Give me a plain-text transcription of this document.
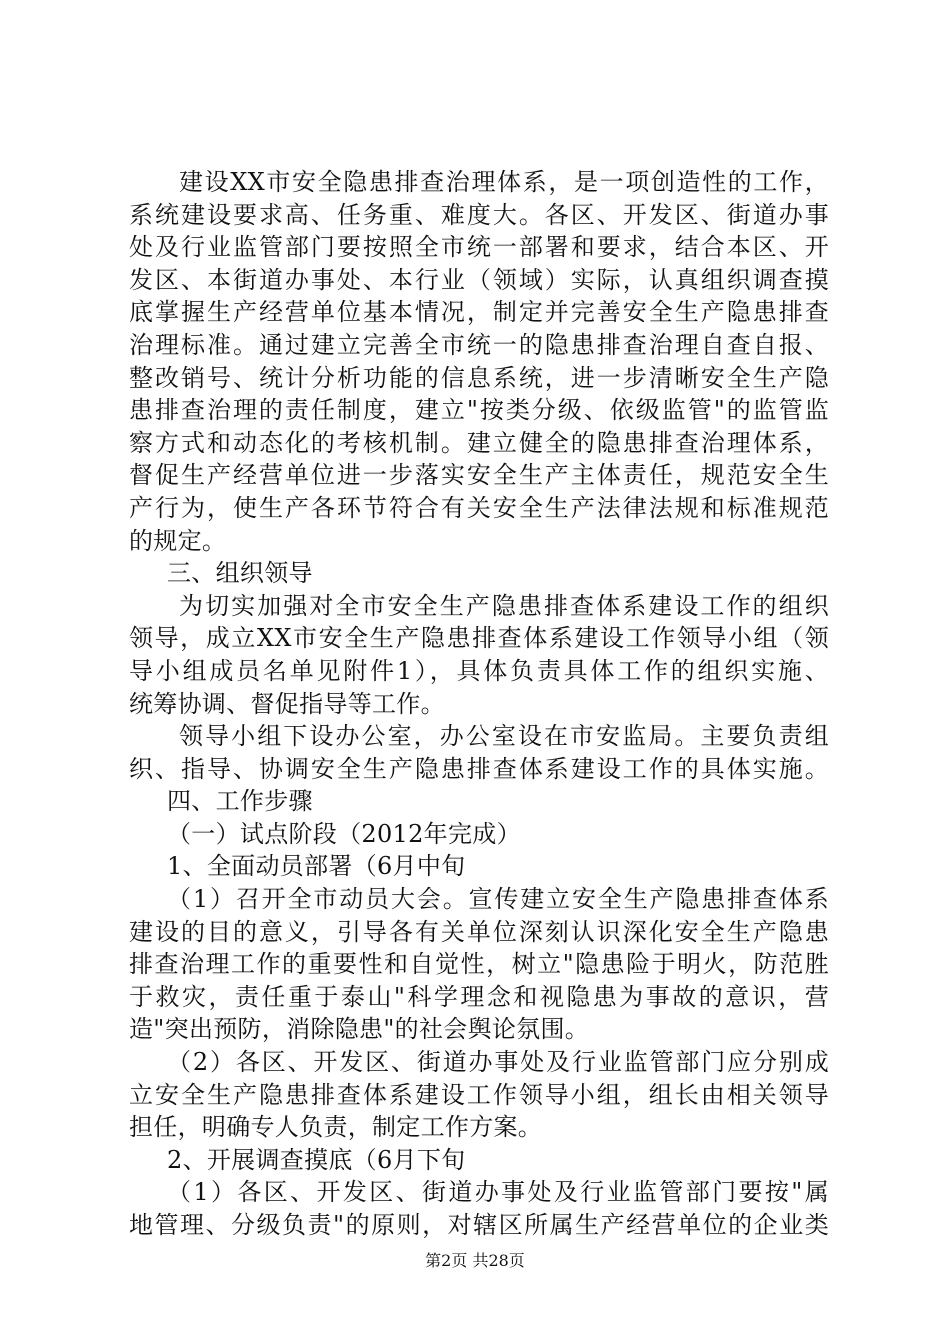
建设XX市安全隐患排查治理体系，是一项创造性的工作，
系统建设要求高、任务重、难度大。各区、开发区、街道办事
处及行业监管部门要按照全市统一部署和要求，结合本区、开
发区、本街道办事处、本行业（领域）实际，认真组织调查摸
底掌握生产经营单位基本情况，制定并完善安全生产隐患排查
治理标准。通过建立完善全市统一的隐患排查治理自查自报、
整改销号、统计分析功能的信息系统，进一步清晰安全生产隐
患排查治理的责任制度，建立"按类分级、依级监管"的监管监
察方式和动态化的考核机制。建立健全的隐患排查治理体系，
督促生产经营单位进一步落实安全生产主体责任，规范安全生
产行为，使生产各环节符合有关安全生产法律法规和标准规范
的规定。
三、组织领导
为切实加强对全市安全生产隐患排查体系建设工作的组织
领导，成立XX市安全生产隐患排查体系建设工作领导小组（领
导小组成员名单见附件1），具体负责具体工作的组织实施、
统筹协调、督促指导等工作。
领导小组下设办公室，办公室设在市安监局。主要负责组
织、指导、协调安全生产隐患排查体系建设工作的具体实施。
四、工作步骤
（一）试点阶段（2012年完成）
1、全面动员部署（6月中旬
（1）召开全市动员大会。宣传建立安全生产隐患排查体系
建设的目的意义，引导各有关单位深刻认识深化安全生产隐患
排查治理工作的重要性和自觉性，树立"隐患险于明火，防范胜
于救灾，责任重于泰山"科学理念和视隐患为事故的意识，营
造"突出预防，消除隐患"的社会舆论氛围。
（2）各区、开发区、街道办事处及行业监管部门应分别成
立安全生产隐患排查体系建设工作领导小组，组长由相关领导
担任，明确专人负责，制定工作方案。
2、开展调查摸底（6月下旬
（1）各区、开发区、街道办事处及行业监管部门要按"属
地管理、分级负责"的原则，对辖区所属生产经营单位的企业类
第2页 共28页
